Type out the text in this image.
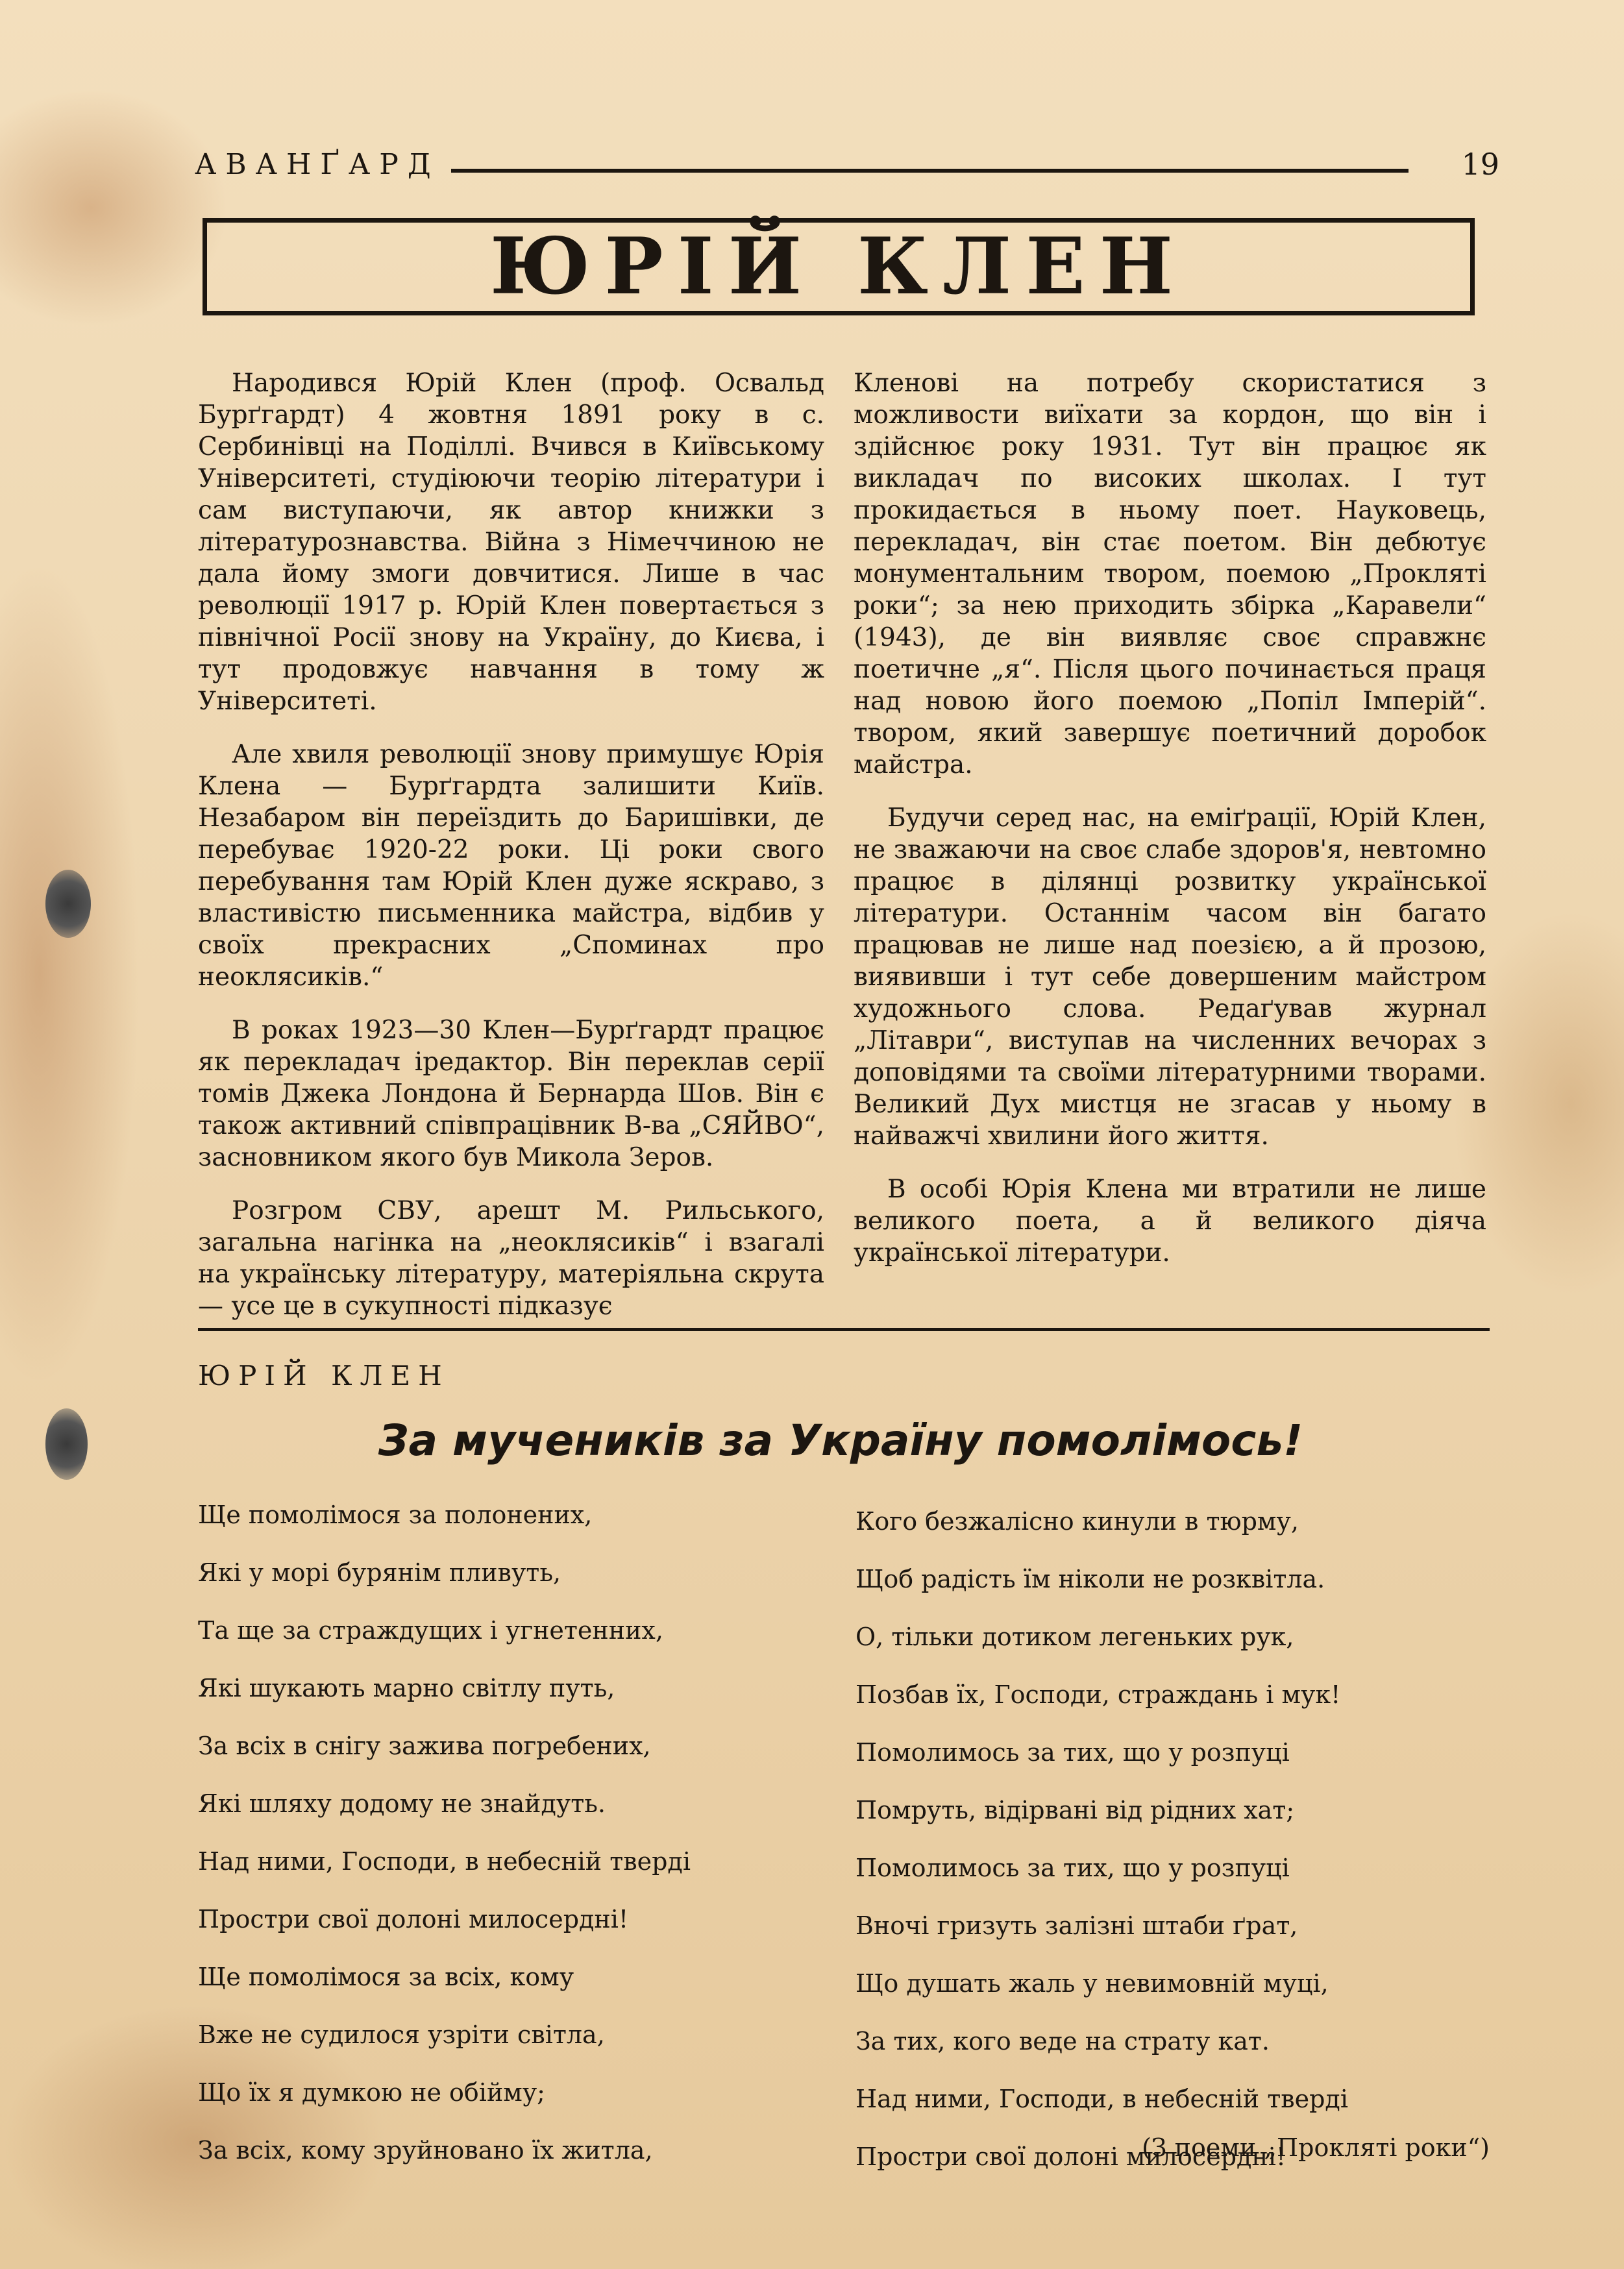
АВАНҐАРД	19
ЮРІЙ КЛЕН

Народився Юрій Клен (проф. Освальд Бурґгардт) 4 жовтня 1891 року в с. Сербинівці на Поділлі. Вчився в Київському Університеті, студіюючи теорію літератури і сам виступаючи, як автор книжки з літературознавства. Війна з Німеччиною не дала йому змоги довчитися. Лише в час революції 1917 р. Юрій Клен повертається з північної Росії знову на Україну, до Києва, і тут продовжує навчання в тому ж Університеті.

Але хвиля революції знову примушує Юрія Клена — Бурґгардта залишити Київ. Незабаром він переїздить до Баришівки, де перебуває 1920-22 роки. Ці роки свого перебування там Юрій Клен дуже яскраво, з властивістю письменника майстра, відбив у своїх прекрасних „Споминах про неоклясиків.“

В роках 1923—30 Клен—Бурґгардт працює як перекладач іредактор. Він переклав серії томів Джека Лондона й Бернарда Шов. Він є також активний співпрацівник В-ва „СЯЙВО“, засновником якого був Микола Зеров.

Розгром СВУ, арешт М. Рильського, загальна нагінка на „неоклясиків“ і взагалі на українську літературу, матеріяльна скрута — усе це в сукупності підказує

Кленові на потребу скористатися з можливости виїхати за кордон, що він і здійснює року 1931. Тут він працює як викладач по високих школах. І тут прокидається в ньому поет. Науковець, перекладач, він стає поетом. Він дебютує монументальним твором, поемою „Прокляті роки“; за нею приходить збірка „Каравели“ (1943), де він виявляє своє справжнє поетичне „я“. Після цього починається праця над новою його поемою „Попіл Імперій“. твором, який завершує поетичний доробок майстра.

Будучи серед нас, на еміґрації, Юрій Клен, не зважаючи на своє слабе здоров'я, невтомно працює в ділянці розвитку української літератури. Останнім часом він багато працював не лише над поезією, а й прозою, виявивши і тут себе довершеним майстром художнього слова. Редаґував журнал „Літаври“, виступав на численних вечорах з доповідями та своїми літературними творами. Великий Дух мистця не згасав у ньому в найважчі хвилини його життя.

В особі Юрія Клена ми втратили не лише великого поета, а й великого діяча української літератури.

ЮРІЙ КЛЕН
За мучеників за Україну помолімось!
Ще помолімося за полонених,
Які у морі бурянім пливуть,
Та ще за страждущих і угнетенних,
Які шукають марно світлу путь,
За всіх в снігу зажива погребених,
Які шляху додому не знайдуть.
Над ними, Господи, в небесній тверді
Простри свої долоні милосердні!
Ще помолімося за всіх, кому
Вже не судилося узріти світла,
Що їх я думкою не обійму;
За всіх, кому зруйновано їх житла,
Кого безжалісно кинули в тюрму,
Щоб радість їм ніколи не розквітла.
О, тільки дотиком легеньких рук,
Позбав їх, Господи, страждань і мук!
Помолимось за тих, що у розпуці
Помруть, відірвані від рідних хат;
Помолимось за тих, що у розпуці
Вночі гризуть залізні штаби ґрат,
Що душать жаль у невимовній муці,
За тих, кого веде на страту кат.
Над ними, Господи, в небесній тверді
Простри свої долоні милосердні!
(З поеми „Прокляті роки“)
